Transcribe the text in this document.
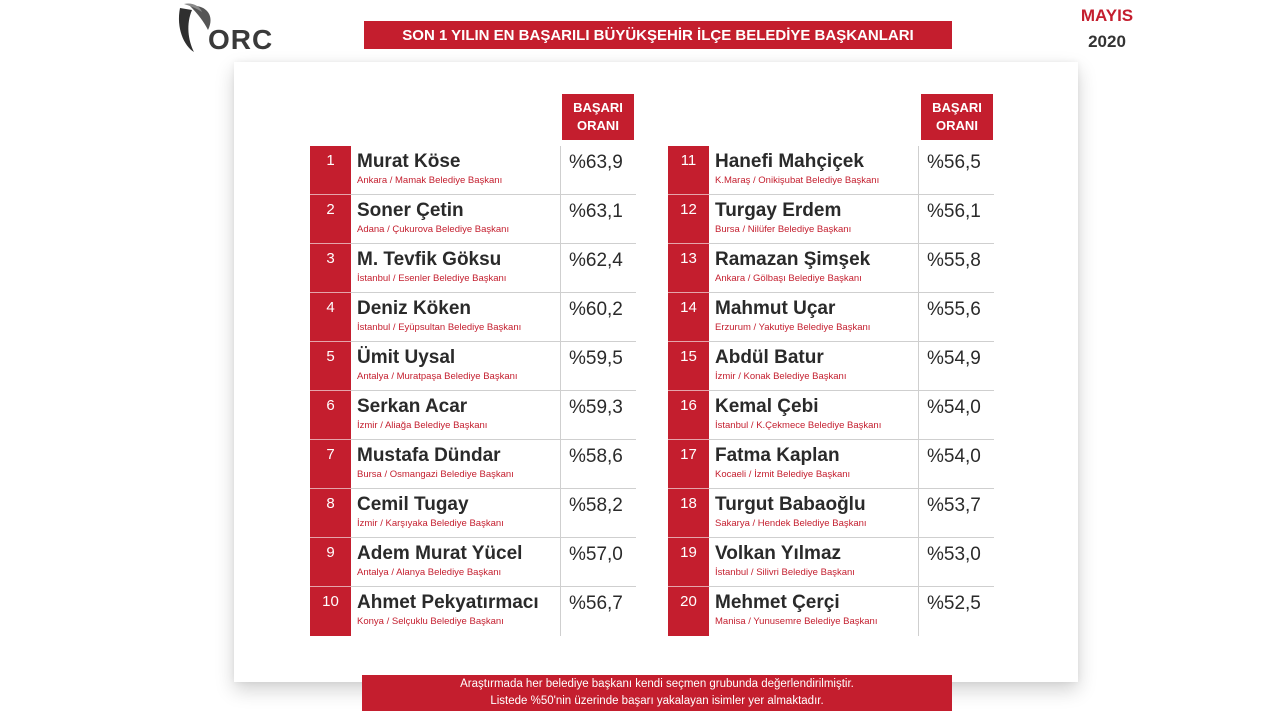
ORC	SON 1 YILIN EN BAŞARILI BÜYÜKŞEHİR İLÇE BELEDİYE BAŞKANLARI
MAYIS
2020
BAŞARI
ORANI
BAŞARI
ORANI
1	Murat Köse
Ankara / Mamak Belediye Başkanı
%63,9
2	Soner Çetin
Adana / Çukurova Belediye Başkanı
%63,1
3	M. Tevfik Göksu
İstanbul / Esenler Belediye Başkanı
%62,4
4	Deniz Köken
İstanbul / Eyüpsultan Belediye Başkanı
%60,2
5	Ümit Uysal
Antalya / Muratpaşa Belediye Başkanı
%59,5
6	Serkan Acar
İzmir / Aliağa Belediye Başkanı
%59,3
7	Mustafa Dündar
Bursa / Osmangazi Belediye Başkanı
%58,6
8	Cemil Tugay
İzmir / Karşıyaka Belediye Başkanı
%58,2
9	Adem Murat Yücel
Antalya / Alanya Belediye Başkanı
%57,0
10 Ahmet Pekyatırmacı
Konya / Selçuklu Belediye Başkanı
%56,7
11 Hanefi Mahçiçek
K.Maraş / Onikişubat Belediye Başkanı
%56,5
12 Turgay Erdem
Bursa / Nilüfer Belediye Başkanı
%56,1
13 Ramazan Şimşek
Ankara / Gölbaşı Belediye Başkanı
%55,8
14 Mahmut Uçar
Erzurum / Yakutiye Belediye Başkanı
%55,6
15 Abdül Batur
İzmir / Konak Belediye Başkanı
%54,9
16 Kemal Çebi
İstanbul / K.Çekmece Belediye Başkanı
%54,0
17 Fatma Kaplan
Kocaeli / İzmit Belediye Başkanı
%54,0
18 Turgut Babaoğlu
Sakarya / Hendek Belediye Başkanı
%53,7
19 Volkan Yılmaz
İstanbul / Silivri Belediye Başkanı
%53,0
20 Mehmet Çerçi
Manisa / Yunusemre Belediye Başkanı
%52,5
Araştırmada her belediye başkanı kendi seçmen grubunda değerlendirilmiştir.
Listede %50'nin üzerinde başarı yakalayan isimler yer almaktadır.
